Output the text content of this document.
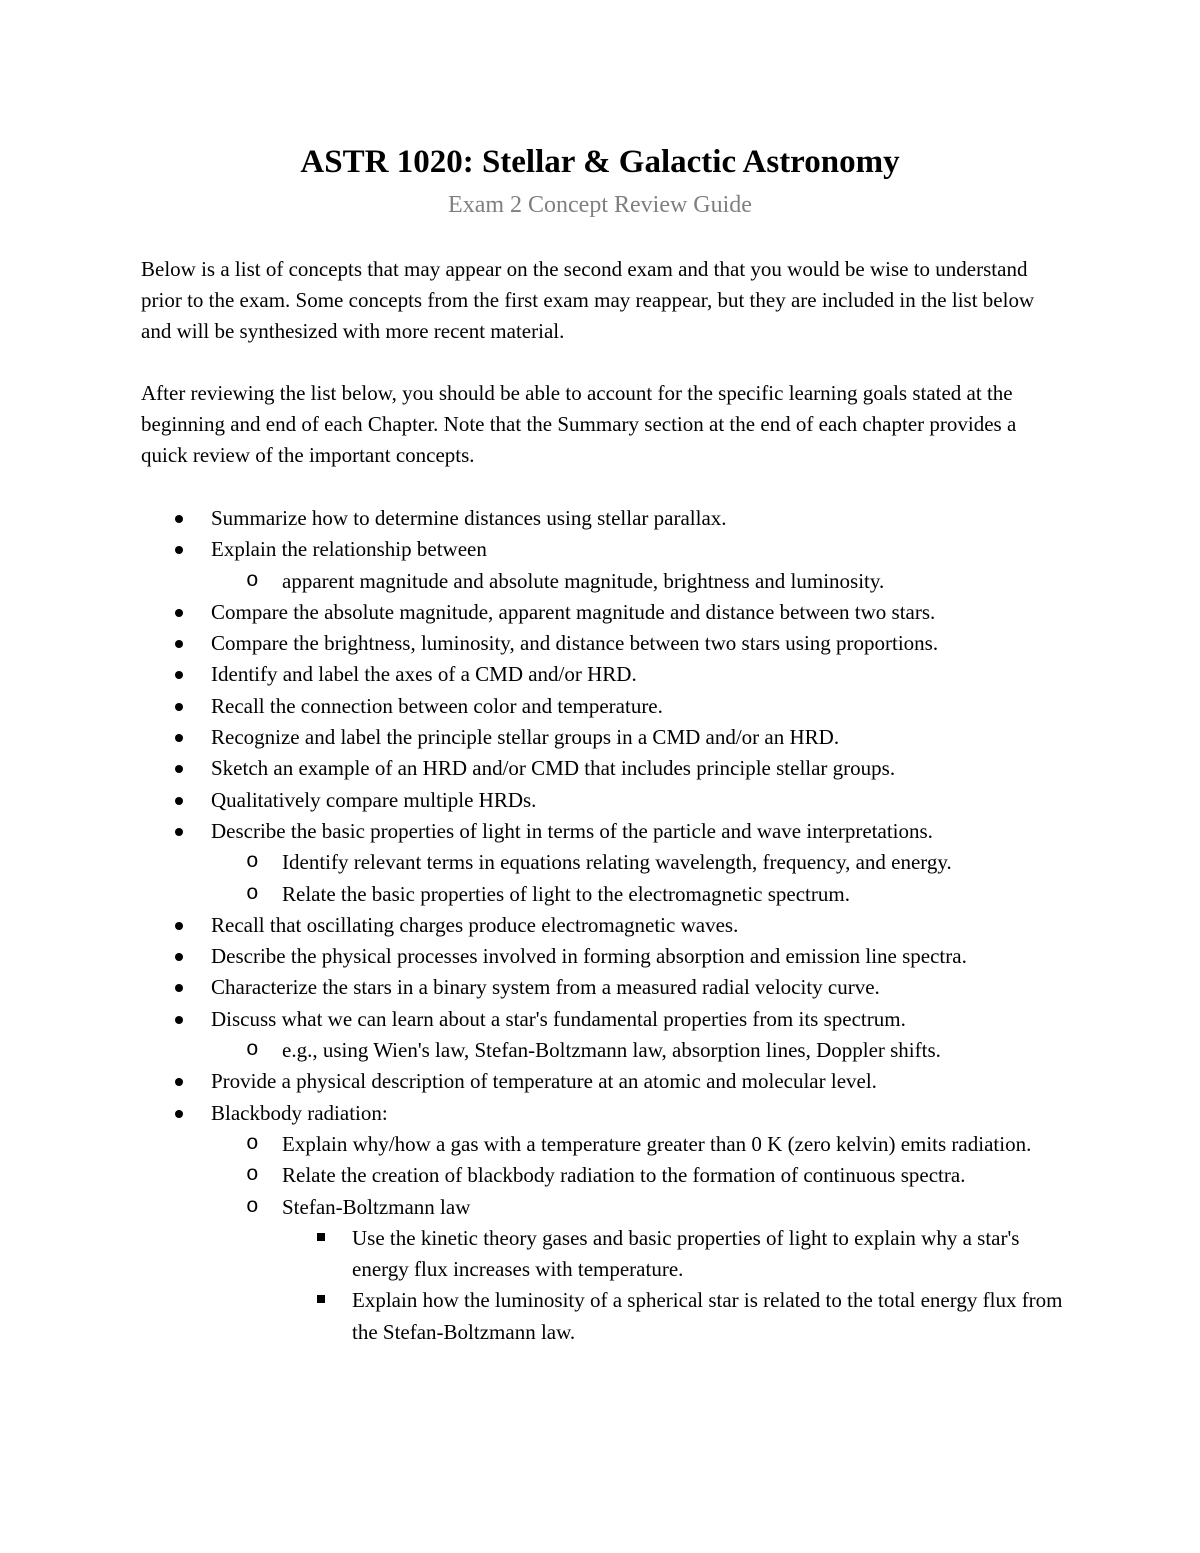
ASTR 1020: Stellar & Galactic Astronomy

Exam 2 Concept Review Guide

Below is a list of concepts that may appear on the second exam and that you would be wise to understand prior to the exam. Some concepts from the first exam may reappear, but they are included in the list below and will be synthesized with more recent material.

After reviewing the list below, you should be able to account for the specific learning goals stated at the beginning and end of each Chapter. Note that the Summary section at the end of each chapter provides a quick review of the important concepts.

Summarize how to determine distances using stellar parallax.
Explain the relationship between
o apparent magnitude and absolute magnitude, brightness and luminosity.
Compare the absolute magnitude, apparent magnitude and distance between two stars.
Compare the brightness, luminosity, and distance between two stars using proportions.
Identify and label the axes of a CMD and/or HRD.
Recall the connection between color and temperature.
Recognize and label the principle stellar groups in a CMD and/or an HRD.
Sketch an example of an HRD and/or CMD that includes principle stellar groups.
Qualitatively compare multiple HRDs.
Describe the basic properties of light in terms of the particle and wave interpretations.
o Identify relevant terms in equations relating wavelength, frequency, and energy.
o Relate the basic properties of light to the electromagnetic spectrum.
Recall that oscillating charges produce electromagnetic waves.
Describe the physical processes involved in forming absorption and emission line spectra.
Characterize the stars in a binary system from a measured radial velocity curve.
Discuss what we can learn about a star's fundamental properties from its spectrum.
o e.g., using Wien's law, Stefan-Boltzmann law, absorption lines, Doppler shifts.
Provide a physical description of temperature at an atomic and molecular level.
Blackbody radiation:
o Explain why/how a gas with a temperature greater than 0 K (zero kelvin) emits radiation.
o Relate the creation of blackbody radiation to the formation of continuous spectra.
o Stefan-Boltzmann law
Use the kinetic theory gases and basic properties of light to explain why a star's energy flux increases with temperature.
Explain how the luminosity of a spherical star is related to the total energy flux from the Stefan-Boltzmann law.
